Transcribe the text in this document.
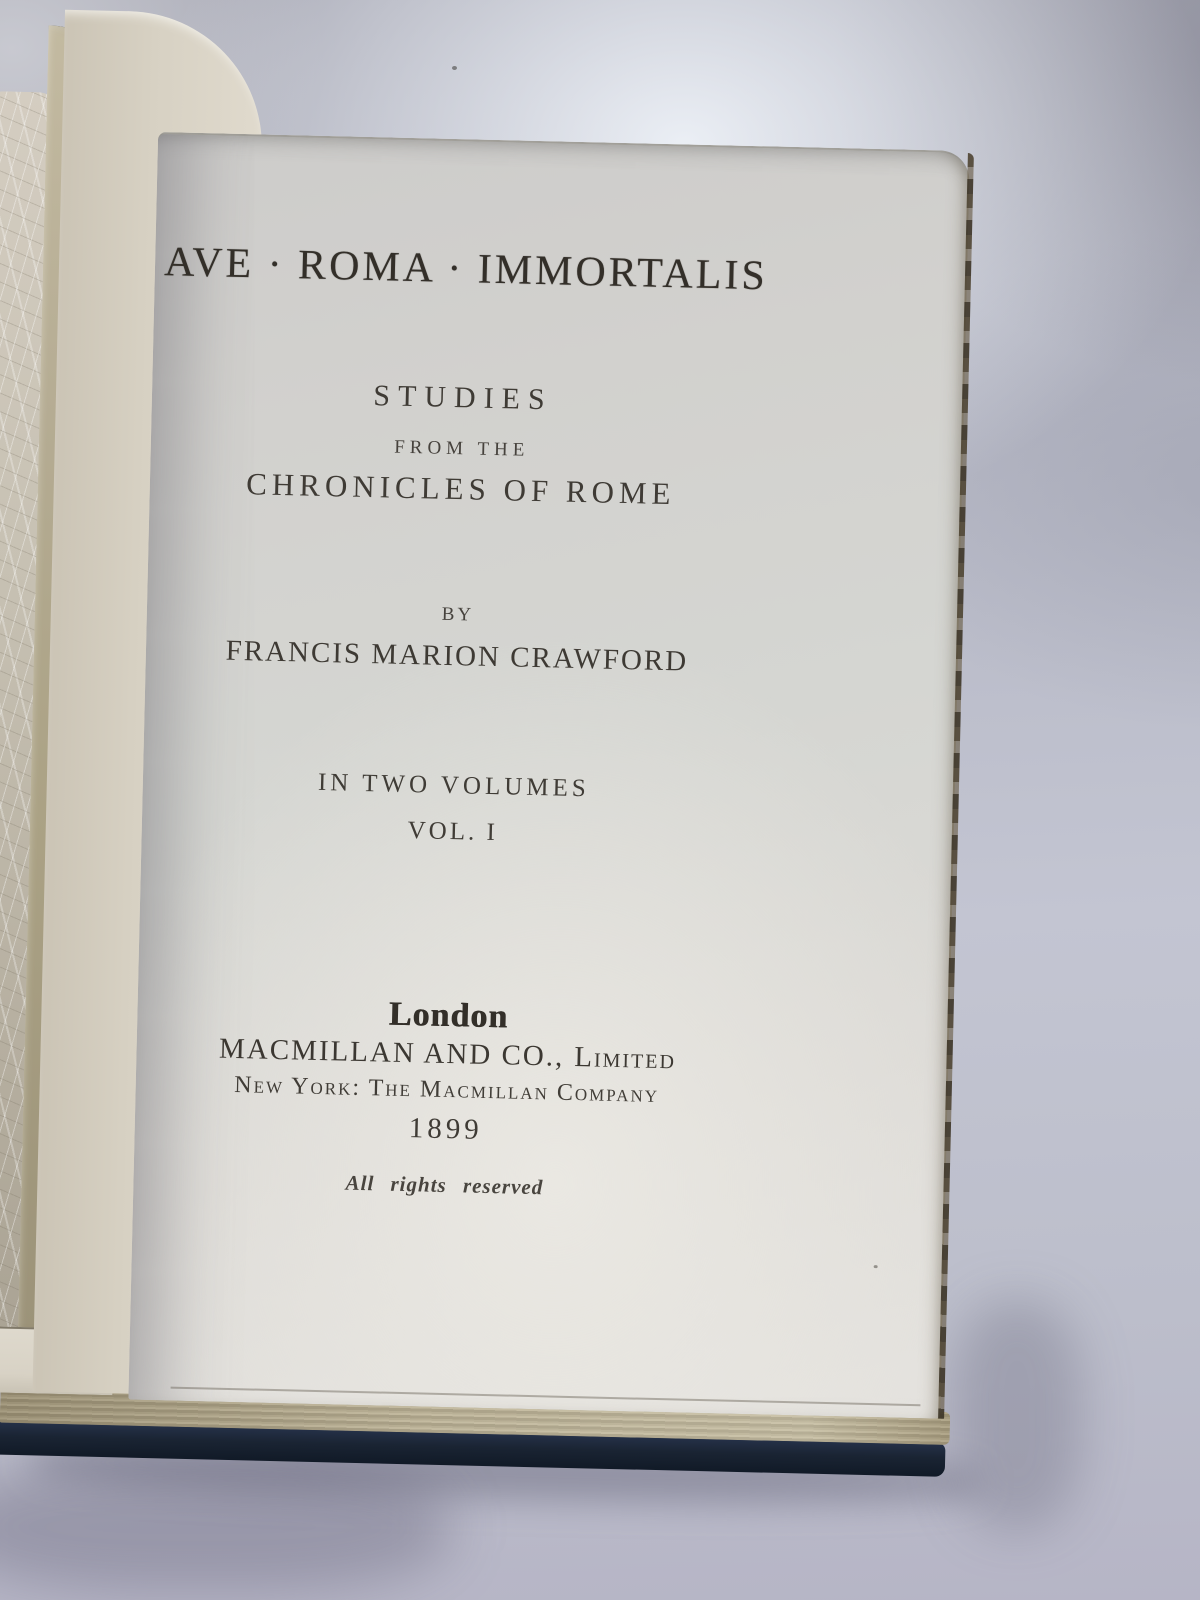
AVE · ROMA · IMMORTALIS
STUDIES
FROM THE
CHRONICLES OF ROME
BY
FRANCIS MARION CRAWFORD
IN TWO VOLUMES
VOL. I
London
MACMILLAN AND CO., Limited
New York: The Macmillan Company
1899
All rights reserved
